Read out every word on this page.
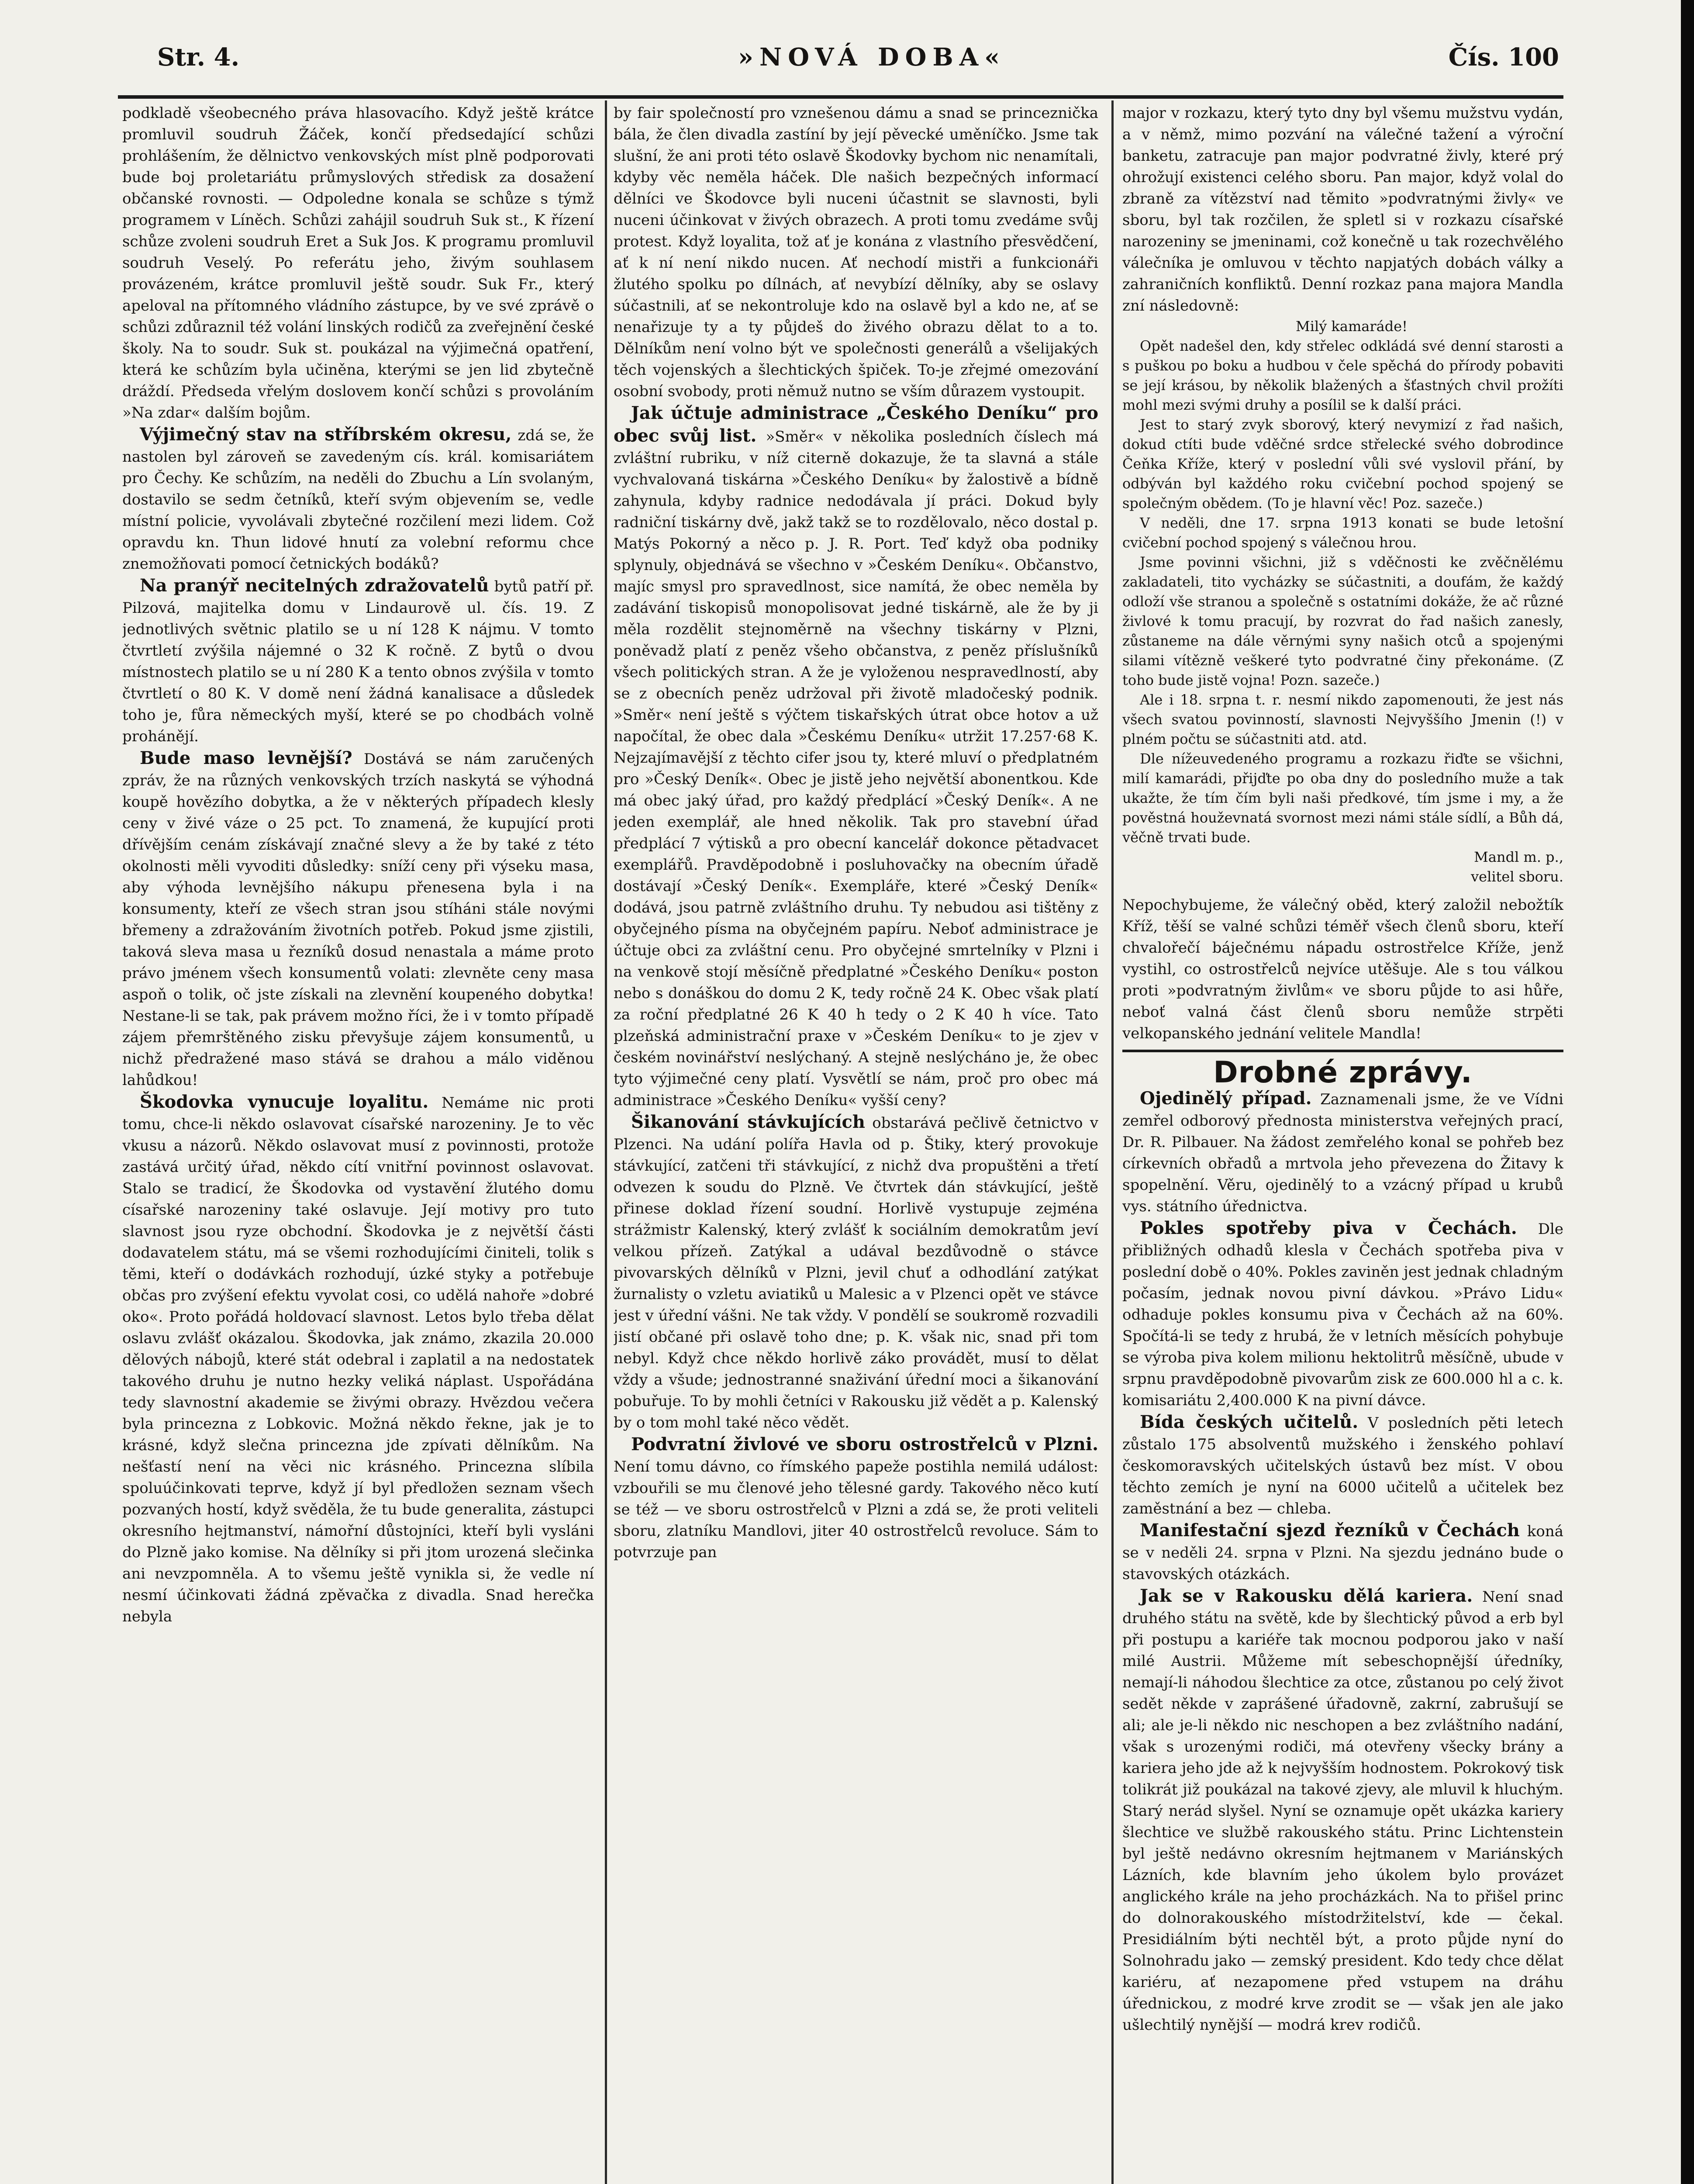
Str. 4.	»NOVÁ DOBA«	Čís. 100

podkladě všeobecného práva hlasovacího. Když ještě krátce promluvil soudruh Žáček, končí předsedající schůzi prohlášením, že dělnictvo venkovských míst plně podporovati bude boj proletariátu průmyslových středisk za dosažení občanské rovnosti. — Odpoledne konala se schůze s týmž programem v Líněch. Schůzi zahájil soudruh Suk st., K řízení schůze zvoleni soudruh Eret a Suk Jos. K programu promluvil soudruh Veselý. Po referátu jeho, živým souhlasem provázeném, krátce promluvil ještě soudr. Suk Fr., který apeloval na přítomného vládního zástupce, by ve své zprávě o schůzi zdůraznil též volání linských rodičů za zveřejnění české školy. Na to soudr. Suk st. poukázal na výjimečná opatření, která ke schůzím byla učiněna, kterými se jen lid zbytečně dráždí. Předseda vřelým doslovem končí schůzi s provoláním »Na zdar« dalším bojům.

Výjimečný stav na stříbrském okresu, zdá se, že nastolen byl zároveň se zavedeným cís. král. komisariátem pro Čechy. Ke schůzím, na neděli do Zbuchu a Lín svolaným, dostavilo se sedm četníků, kteří svým objevením se, vedle místní policie, vyvolávali zbytečné rozčilení mezi lidem. Což opravdu kn. Thun lidové hnutí za volební reformu chce znemožňovati pomocí četnických bodáků?

Na pranýř necitelných zdražovatelů bytů patří př. Pilzová, majitelka domu v Lindaurově ul. čís. 19. Z jednotlivých světnic platilo se u ní 128 K nájmu. V tomto čtvrtletí zvýšila nájemné o 32 K ročně. Z bytů o dvou místnostech platilo se u ní 280 K a tento obnos zvýšila v tomto čtvrtletí o 80 K. V domě není žádná kanalisace a důsledek toho je, fůra německých myší, které se po chodbách volně prohánějí.

Bude maso levnější? Dostává se nám zaručených zpráv, že na různých venkovských trzích naskytá se výhodná koupě hovězího dobytka, a že v některých případech klesly ceny v živé váze o 25 pct. To znamená, že kupující proti dřívějším cenám získávají značné slevy a že by také z této okolnosti měli vyvoditi důsledky: sníží ceny při výseku masa, aby výhoda levnějšího nákupu přenesena byla i na konsumenty, kteří ze všech stran jsou stíháni stále novými břemeny a zdražováním životních potřeb. Pokud jsme zjistili, taková sleva masa u řezníků dosud nenastala a máme proto právo jménem všech konsumentů volati: zlevněte ceny masa aspoň o tolik, oč jste získali na zlevnění koupeného dobytka! Nestane-li se tak, pak právem možno říci, že i v tomto případě zájem přemrštěného zisku převyšuje zájem konsumentů, u nichž předražené maso stává se drahou a málo viděnou lahůdkou!

Škodovka vynucuje loyalitu. Nemáme nic proti tomu, chce-li někdo oslavovat císařské narozeniny. Je to věc vkusu a názorů. Někdo oslavovat musí z povinnosti, protože zastává určitý úřad, někdo cítí vnitřní povinnost oslavovat. Stalo se tradicí, že Škodovka od vystavění žlutého domu císařské narozeniny také oslavuje. Její motivy pro tuto slavnost jsou ryze obchodní. Škodovka je z největší části dodavatelem státu, má se všemi rozhodujícími činiteli, tolik s těmi, kteří o dodávkách rozhodují, úzké styky a potřebuje občas pro zvýšení efektu vyvolat cosi, co udělá nahoře »dobré oko«. Proto pořádá holdovací slavnost. Letos bylo třeba dělat oslavu zvlášť okázalou. Škodovka, jak známo, zkazila 20.000 dělových nábojů, které stát odebral i zaplatil a na nedostatek takového druhu je nutno hezky veliká náplast. Uspořádána tedy slavnostní akademie se živými obrazy. Hvězdou večera byla princezna z Lobkovic. Možná někdo řekne, jak je to krásné, když slečna princezna jde zpívati dělníkům. Na nešťastí není na věci nic krásného. Princezna slíbila spoluúčinkovati teprve, když jí byl předložen seznam všech pozvaných hostí, když svěděla, že tu bude generalita, zástupci okresního hejtmanství, námořní důstojníci, kteří byli vysláni do Plzně jako komise. Na dělníky si při jtom urozená slečinka ani nevzpomněla. A to všemu ještě vynikla si, že vedle ní nesmí účinkovati žádná zpěvačka z divadla. Snad herečka nebyla

by fair společností pro vznešenou dámu a snad se princeznička bála, že člen divadla zastíní by její pěvecké uměníčko. Jsme tak slušní, že ani proti této oslavě Škodovky bychom nic nenamítali, kdyby věc neměla háček. Dle našich bezpečných informací dělníci ve Škodovce byli nuceni účastnit se slavnosti, byli nuceni účinkovat v živých obrazech. A proti tomu zvedáme svůj protest. Když loyalita, tož ať je konána z vlastního přesvědčení, ať k ní není nikdo nucen. Ať nechodí mistři a funkcionáři žlutého spolku po dílnách, ať nevybízí dělníky, aby se oslavy súčastnili, ať se nekontroluje kdo na oslavě byl a kdo ne, ať se nenařizuje ty a ty půjdeš do živého obrazu dělat to a to. Dělníkům není volno být ve společnosti generálů a všelijakých těch vojenských a šlechtických špiček. To-je zřejmé omezování osobní svobody, proti němuž nutno se vším důrazem vystoupit.

Jak účtuje administrace „Českého Deníku“ pro obec svůj list. »Směr« v několika posledních číslech má zvláštní rubriku, v níž citerně dokazuje, že ta slavná a stále vychvalovaná tiskárna »Českého Deníku« by žalostivě a bídně zahynula, kdyby radnice nedodávala jí práci. Dokud byly radniční tiskárny dvě, jakž takž se to rozdělovalo, něco dostal p. Matýs Pokorný a něco p. J. R. Port. Teď když oba podniky splynuly, objednává se všechno v »Českém Deníku«. Občanstvo, majíc smysl pro spravedlnost, sice namítá, že obec neměla by zadávání tiskopisů monopolisovat jedné tiskárně, ale že by ji měla rozdělit stejnoměrně na všechny tiskárny v Plzni, poněvadž platí z peněz všeho občanstva, z peněz příslušníků všech politických stran. A že je vyloženou nespravedlností, aby se z obecních peněz udržoval při životě mladočeský podnik. »Směr« není ještě s výčtem tiskařských útrat obce hotov a už napočítal, že obec dala »Českému Deníku« utržit 17.257·68 K. Nejzajímavější z těchto cifer jsou ty, které mluví o předplatném pro »Český Deník«. Obec je jistě jeho největší abonentkou. Kde má obec jaký úřad, pro každý předplácí »Český Deník«. A ne jeden exemplář, ale hned několik. Tak pro stavební úřad předplácí 7 výtisků a pro obecní kancelář dokonce pětadvacet exemplářů. Pravděpodobně i posluhovačky na obecním úřadě dostávají »Český Deník«. Exempláře, které »Český Deník« dodává, jsou patrně zvláštního druhu. Ty nebudou asi tištěny z obyčejného písma na obyčejném papíru. Neboť administrace je účtuje obci za zvláštní cenu. Pro obyčejné smrtelníky v Plzni i na venkově stojí měsíčně předplatné »Českého Deníku« poston nebo s donáškou do domu 2 K, tedy ročně 24 K. Obec však platí za roční předplatné 26 K 40 h tedy o 2 K 40 h více. Tato plzeňská administrační praxe v »Českém Deníku« to je zjev v českém novinářství neslýchaný. A stejně neslýcháno je, že obec tyto výjimečné ceny platí. Vysvětlí se nám, proč pro obec má administrace »Českého Deníku« vyšší ceny?

Šikanování stávkujících obstarává pečlivě četnictvo v Plzenci. Na udání polířa Havla od p. Štiky, který provokuje stávkující, zatčeni tři stávkující, z nichž dva propuštěni a třetí odvezen k soudu do Plzně. Ve čtvrtek dán stávkující, ještě přinese doklad řízení soudní. Horlivě vystupuje zejména strážmistr Kalenský, který zvlášť k sociálním demokratům jeví velkou přízeň. Zatýkal a udával bezdůvodně o stávce pivovarských dělníků v Plzni, jevil chuť a odhodlání zatýkat žurnalisty o vzletu aviatiků u Malesic a v Plzenci opět ve stávce jest v úřední vášni. Ne tak vždy. V pondělí se soukromě rozvadili jistí občané při oslavě toho dne; p. K. však nic, snad při tom nebyl. Když chce někdo horlivě záko provádět, musí to dělat vždy a všude; jednostranné snaživání úřední moci a šikanování pobuřuje. To by mohli četníci v Rakousku již vědět a p. Kalenský by o tom mohl také něco vědět.

Podvratní živlové ve sboru ostrostřelců v Plzni. Není tomu dávno, co římského papeže postihla nemilá událost: vzbouřili se mu členové jeho tělesné gardy. Takového něco kutí se též — ve sboru ostrostřelců v Plzni a zdá se, že proti veliteli sboru, zlatníku Mandlovi, jiter 40 ostrostřelců revoluce. Sám to potvrzuje pan

major v rozkazu, který tyto dny byl všemu mužstvu vydán, a v němž, mimo pozvání na válečné tažení a výroční banketu, zatracuje pan major podvratné živly, které prý ohrožují existenci celého sboru. Pan major, když volal do zbraně za vítězství nad těmito »podvratnými živly« ve sboru, byl tak rozčilen, že spletl si v rozkazu císařské narozeniny se jmeninami, což konečně u tak rozechvělého válečníka je omluvou v těchto napjatých dobách války a zahraničních konfliktů. Denní rozkaz pana majora Mandla zní následovně:

Milý kamaráde!

Opět nadešel den, kdy střelec odkládá své denní starosti a s puškou po boku a hudbou v čele spěchá do přírody pobaviti se její krásou, by několik blažených a šťastných chvil prožíti mohl mezi svými druhy a posílil se k další práci.

Jest to starý zvyk sborový, který nevymizí z řad našich, dokud ctíti bude vděčné srdce střelecké svého dobrodince Čeňka Kříže, který v poslední vůli své vyslovil přání, by odbýván byl každého roku cvičební pochod spojený se společným obědem. (To je hlavní věc! Poz. sazeče.)

V neděli, dne 17. srpna 1913 konati se bude letošní cvičební pochod spojený s válečnou hrou.

Jsme povinni všichni, již s vděčnosti ke zvěčnělému zakladateli, tito vycházky se súčastniti, a doufám, že každý odloží vše stranou a společně s ostatními dokáže, že ač různé živlové k tomu pracují, by rozvrat do řad našich zanesly, zůstaneme na dále věrnými syny našich otců a spojenými silami vítězně veškeré tyto podvratné činy překonáme. (Z toho bude jistě vojna! Pozn. sazeče.)

Ale i 18. srpna t. r. nesmí nikdo zapomenouti, že jest nás všech svatou povinností, slavnosti Nejvyššího Jmenin (!) v plném počtu se súčastniti atd. atd.

Dle nížeuvedeného programu a rozkazu řiďte se všichni, milí kamarádi, přijďte po oba dny do posledního muže a tak ukažte, že tím čím byli naši předkové, tím jsme i my, a že pověstná houževnatá svornost mezi námi stále sídlí, a Bůh dá, věčně trvati bude.

Mandl m. p.,

velitel sboru.

Nepochybujeme, že válečný oběd, který založil nebožtík Kříž, těší se valné schůzi téměř všech členů sboru, kteří chvalořečí báječnému nápadu ostrostřelce Kříže, jenž vystihl, co ostrostřelců nejvíce utěšuje. Ale s tou válkou proti »podvratným živlům« ve sboru půjde to asi hůře, neboť valná část členů sboru nemůže strpěti velkopanského jednání velitele Mandla!

Drobné zprávy.

Ojedinělý případ. Zaznamenali jsme, že ve Vídni zemřel odborový přednosta ministerstva veřejných prací, Dr. R. Pilbauer. Na žádost zemřelého konal se pohřeb bez církevních obřadů a mrtvola jeho převezena do Žitavy k spopelnění. Věru, ojedinělý to a vzácný případ u krubů vys. státního úřednictva.

Pokles spotřeby piva v Čechách. Dle přibližných odhadů klesla v Čechách spotřeba piva v poslední době o 40%. Pokles zaviněn jest jednak chladným počasím, jednak novou pivní dávkou. »Právo Lidu« odhaduje pokles konsumu piva v Čechách až na 60%. Spočítá-li se tedy z hrubá, že v letních měsících pohybuje se výroba piva kolem milionu hektolitrů měsíčně, ubude v srpnu pravděpodobně pivovarům zisk ze 600.000 hl a c. k. komisariátu 2,400.000 K na pivní dávce.

Bída českých učitelů. V posledních pěti letech zůstalo 175 absolventů mužského i ženského pohlaví českomoravských učitelských ústavů bez míst. V obou těchto zemích je nyní na 6000 učitelů a učitelek bez zaměstnání a bez — chleba.

Manifestační sjezd řezníků v Čechách koná se v neděli 24. srpna v Plzni. Na sjezdu jednáno bude o stavovských otázkách.

Jak se v Rakousku dělá kariera. Není snad druhého státu na světě, kde by šlechtický původ a erb byl při postupu a kariéře tak mocnou podporou jako v naší milé Austrii. Můžeme mít sebeschopnější úředníky, nemají-li náhodou šlechtice za otce, zůstanou po celý život sedět někde v zaprášené úřadovně, zakrní, zabrušují se ali; ale je-li někdo nic neschopen a bez zvláštního nadání, však s urozenými rodiči, má otevřeny všecky brány a kariera jeho jde až k nejvyšším hodnostem. Pokrokový tisk tolikrát již poukázal na takové zjevy, ale mluvil k hluchým. Starý nerád slyšel. Nyní se oznamuje opět ukázka kariery šlechtice ve službě rakouského státu. Princ Lichtenstein byl ještě nedávno okresním hejtmanem v Mariánských Lázních, kde blavním jeho úkolem bylo provázet anglického krále na jeho procházkách. Na to přišel princ do dolnorakouského místodržitelství, kde — čekal. Presidiálním býti nechtěl být, a proto půjde nyní do Solnohradu jako — zemský president. Kdo tedy chce dělat kariéru, ať nezapomene před vstupem na dráhu úřednickou, z modré krve zrodit se — však jen ale jako ušlechtilý nynější — modrá krev rodičů.
